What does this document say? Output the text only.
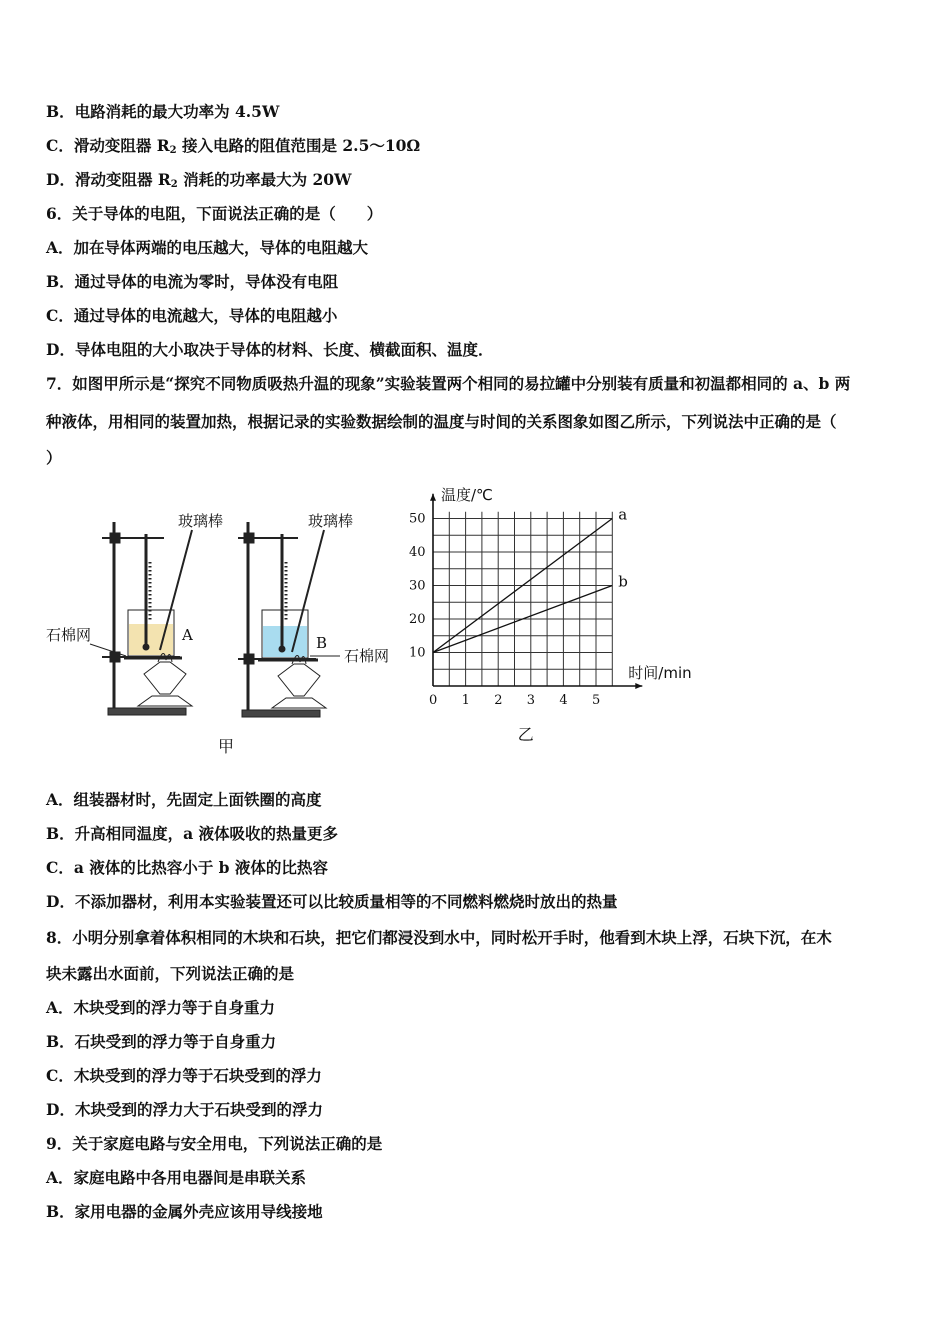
B．电路消耗的最大功率为 4.5W
C．滑动变阻器 $R_2$ 接入电路的阻值范围是 2.5～10Ω
D．滑动变阻器 $R_2$ 消耗的功率最大为 20W
6．关于导体的电阻，下面说法正确的是（　　）
A．加在导体两端的电压越大，导体的电阻越大
B．通过导体的电流为零时，导体没有电阻
C．通过导体的电流越大，导体的电阻越小
D．导体电阻的大小取决于导体的材料、长度、横截面积、温度．
7．如图甲所示是“探究不同物质吸热升温的现象”实验装置两个相同的易拉罐中分别装有质量和初温都相同的 a、b 两
种液体，用相同的装置加热，根据记录的实验数据绘制的温度与时间的关系图象如图乙所示，下列说法中正确的是（
）
玻璃棒
石棉网	A
玻璃棒
B
石棉网
甲
0 1 2 3 4 5
10
20
30
40
50
温度/℃
时间/min
a
b
乙
A．组装器材时，先固定上面铁圈的高度
B．升高相同温度，a 液体吸收的热量更多
C．a 液体的比热容小于 b 液体的比热容
D．不添加器材，利用本实验装置还可以比较质量相等的不同燃料燃烧时放出的热量
8．小明分别拿着体积相同的木块和石块，把它们都浸没到水中，同时松开手时，他看到木块上浮，石块下沉，在木
块未露出水面前，下列说法正确的是
A．木块受到的浮力等于自身重力
B．石块受到的浮力等于自身重力
C．木块受到的浮力等于石块受到的浮力
D．木块受到的浮力大于石块受到的浮力
9．关于家庭电路与安全用电，下列说法正确的是
A．家庭电路中各用电器间是串联关系
B．家用电器的金属外壳应该用导线接地
